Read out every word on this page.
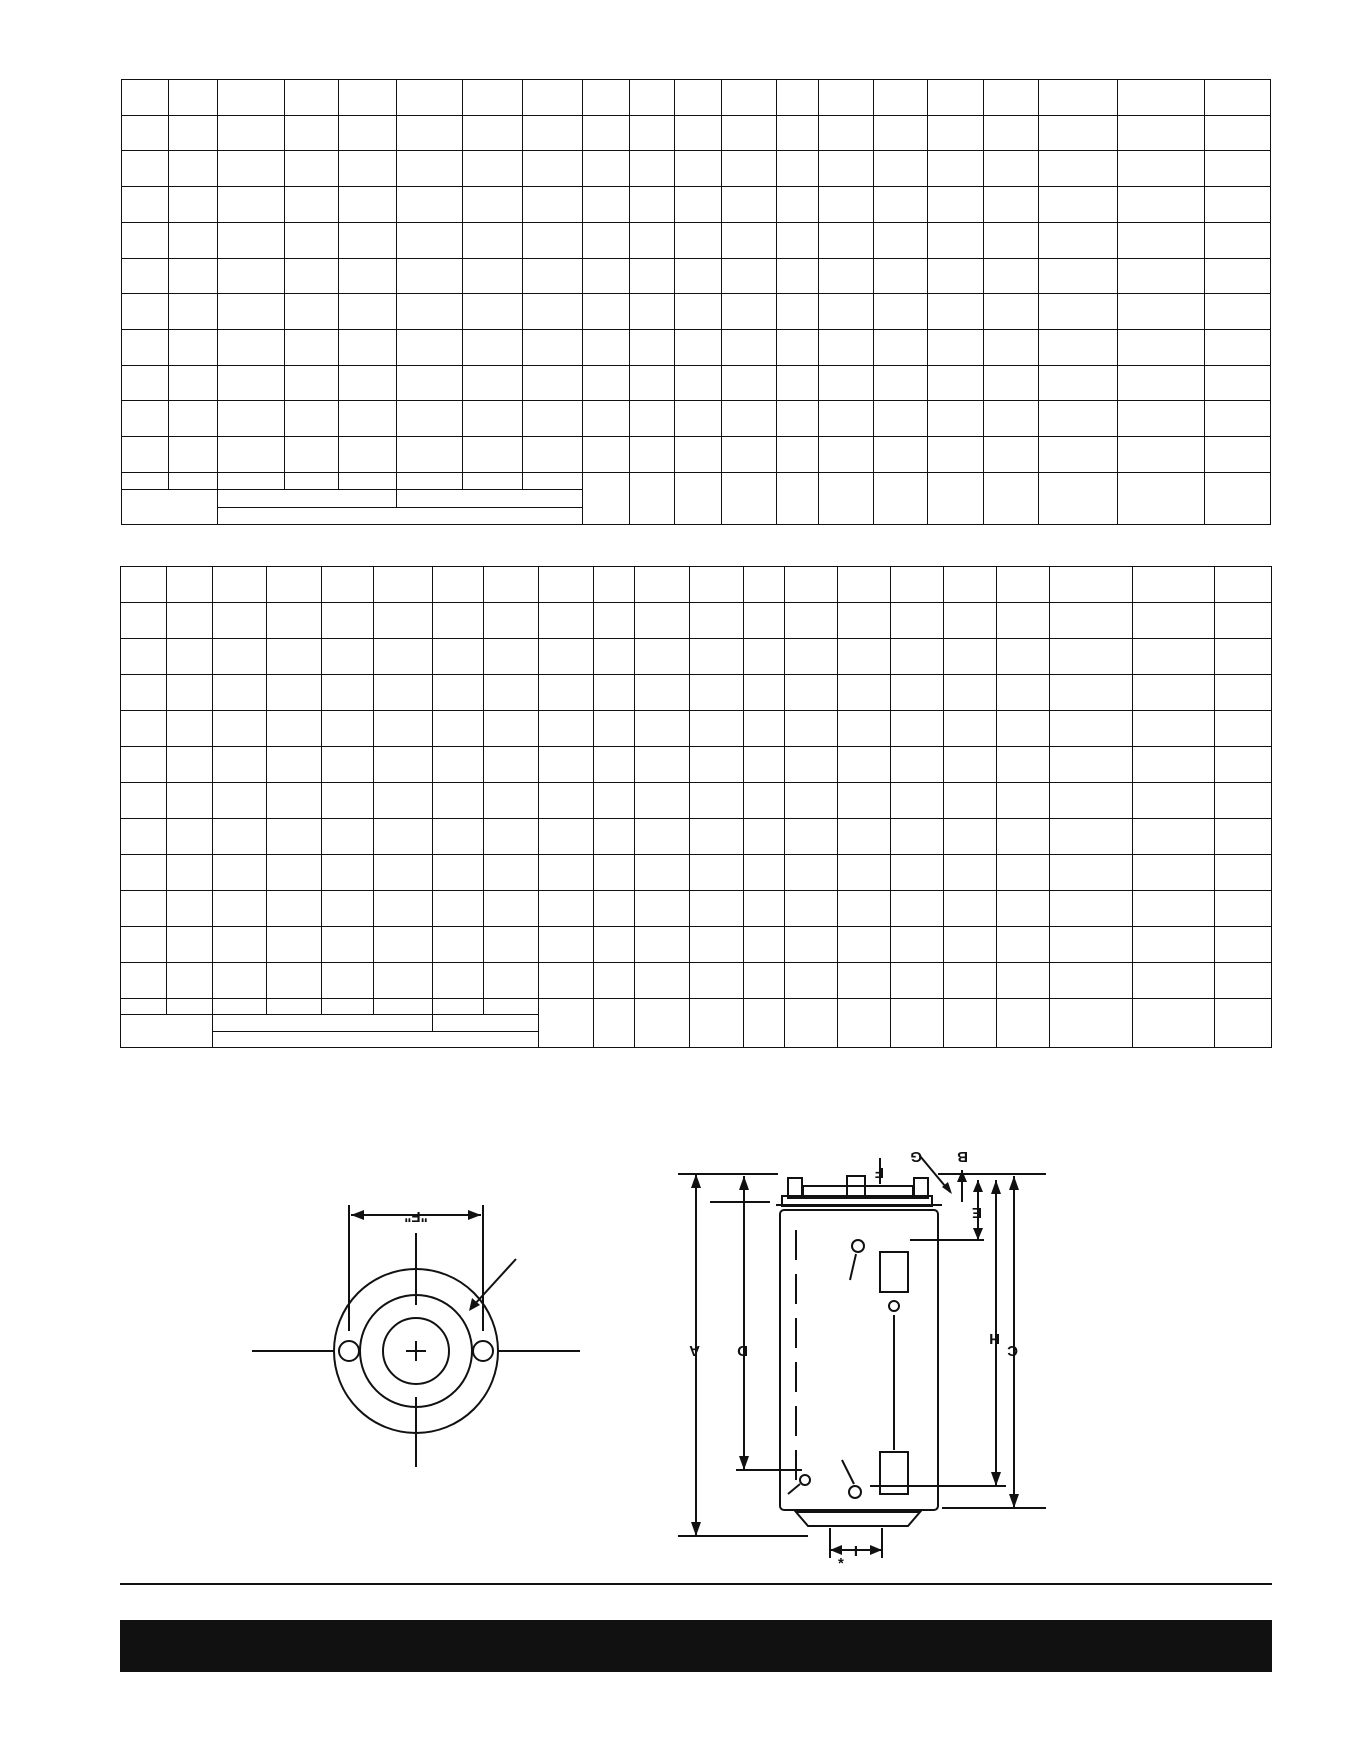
"F"
A D	C
H
E
B
G
I
F
*
